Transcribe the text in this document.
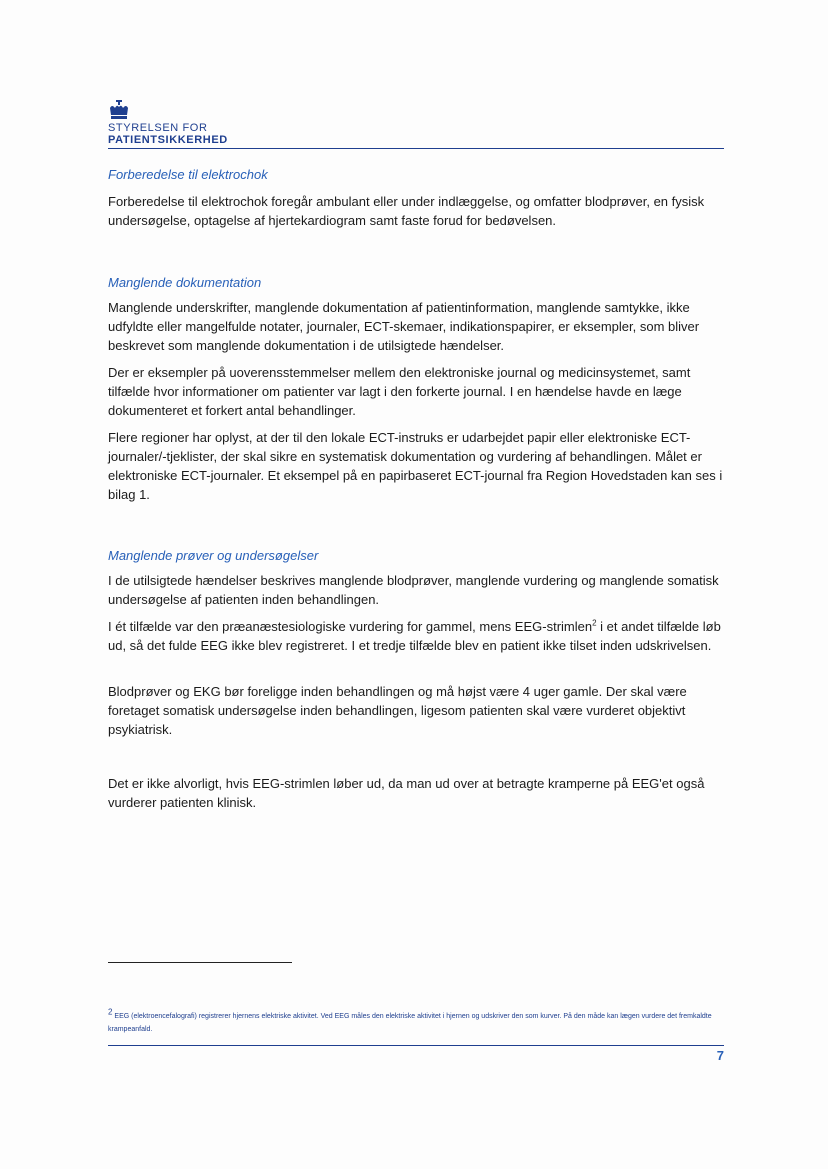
STYRELSEN FOR
PATIENTSIKKERHED

Forberedelse til elektrochok

Forberedelse til elektrochok foregår ambulant eller under indlæggelse, og omfatter blodprøver, en fysisk undersøgelse, optagelse af hjertekardiogram samt faste forud for bedøvelsen.

Manglende dokumentation

Manglende underskrifter, manglende dokumentation af patientinformation, manglende samtykke, ikke udfyldte eller mangelfulde notater, journaler, ECT-skemaer, indikationspapirer, er eksempler, som bliver beskrevet som manglende dokumentation i de utilsigtede hændelser.

Der er eksempler på uoverensstemmelser mellem den elektroniske journal og medicinsystemet, samt tilfælde hvor informationer om patienter var lagt i den forkerte journal. I en hændelse havde en læge dokumenteret et forkert antal behandlinger.

Flere regioner har oplyst, at der til den lokale ECT-instruks er udarbejdet papir eller elektroniske ECT-journaler/-tjeklister, der skal sikre en systematisk dokumentation og vurdering af behandlingen. Målet er elektroniske ECT-journaler. Et eksempel på en papirbaseret ECT-journal fra Region Hovedstaden kan ses i bilag 1.

Manglende prøver og undersøgelser

I de utilsigtede hændelser beskrives manglende blodprøver, manglende vurdering og manglende somatisk undersøgelse af patienten inden behandlingen.

I ét tilfælde var den præanæstesiologiske vurdering for gammel, mens EEG-strimlen$^2$ i et andet tilfælde løb ud, så det fulde EEG ikke blev registreret. I et tredje tilfælde blev en patient ikke tilset inden udskrivelsen.

Blodprøver og EKG bør foreligge inden behandlingen og må højst være 4 uger gamle. Der skal være foretaget somatisk undersøgelse inden behandlingen, ligesom patienten skal være vurderet objektivt psykiatrisk.

Det er ikke alvorligt, hvis EEG-strimlen løber ud, da man ud over at betragte kramperne på EEG'et også vurderer patienten klinisk.

$^2$ EEG (elektroencefalografi) registrerer hjernens elektriske aktivitet. Ved EEG måles den elektriske aktivitet i hjernen og udskriver den som kurver. På den måde kan lægen vurdere det fremkaldte krampeanfald.

7
